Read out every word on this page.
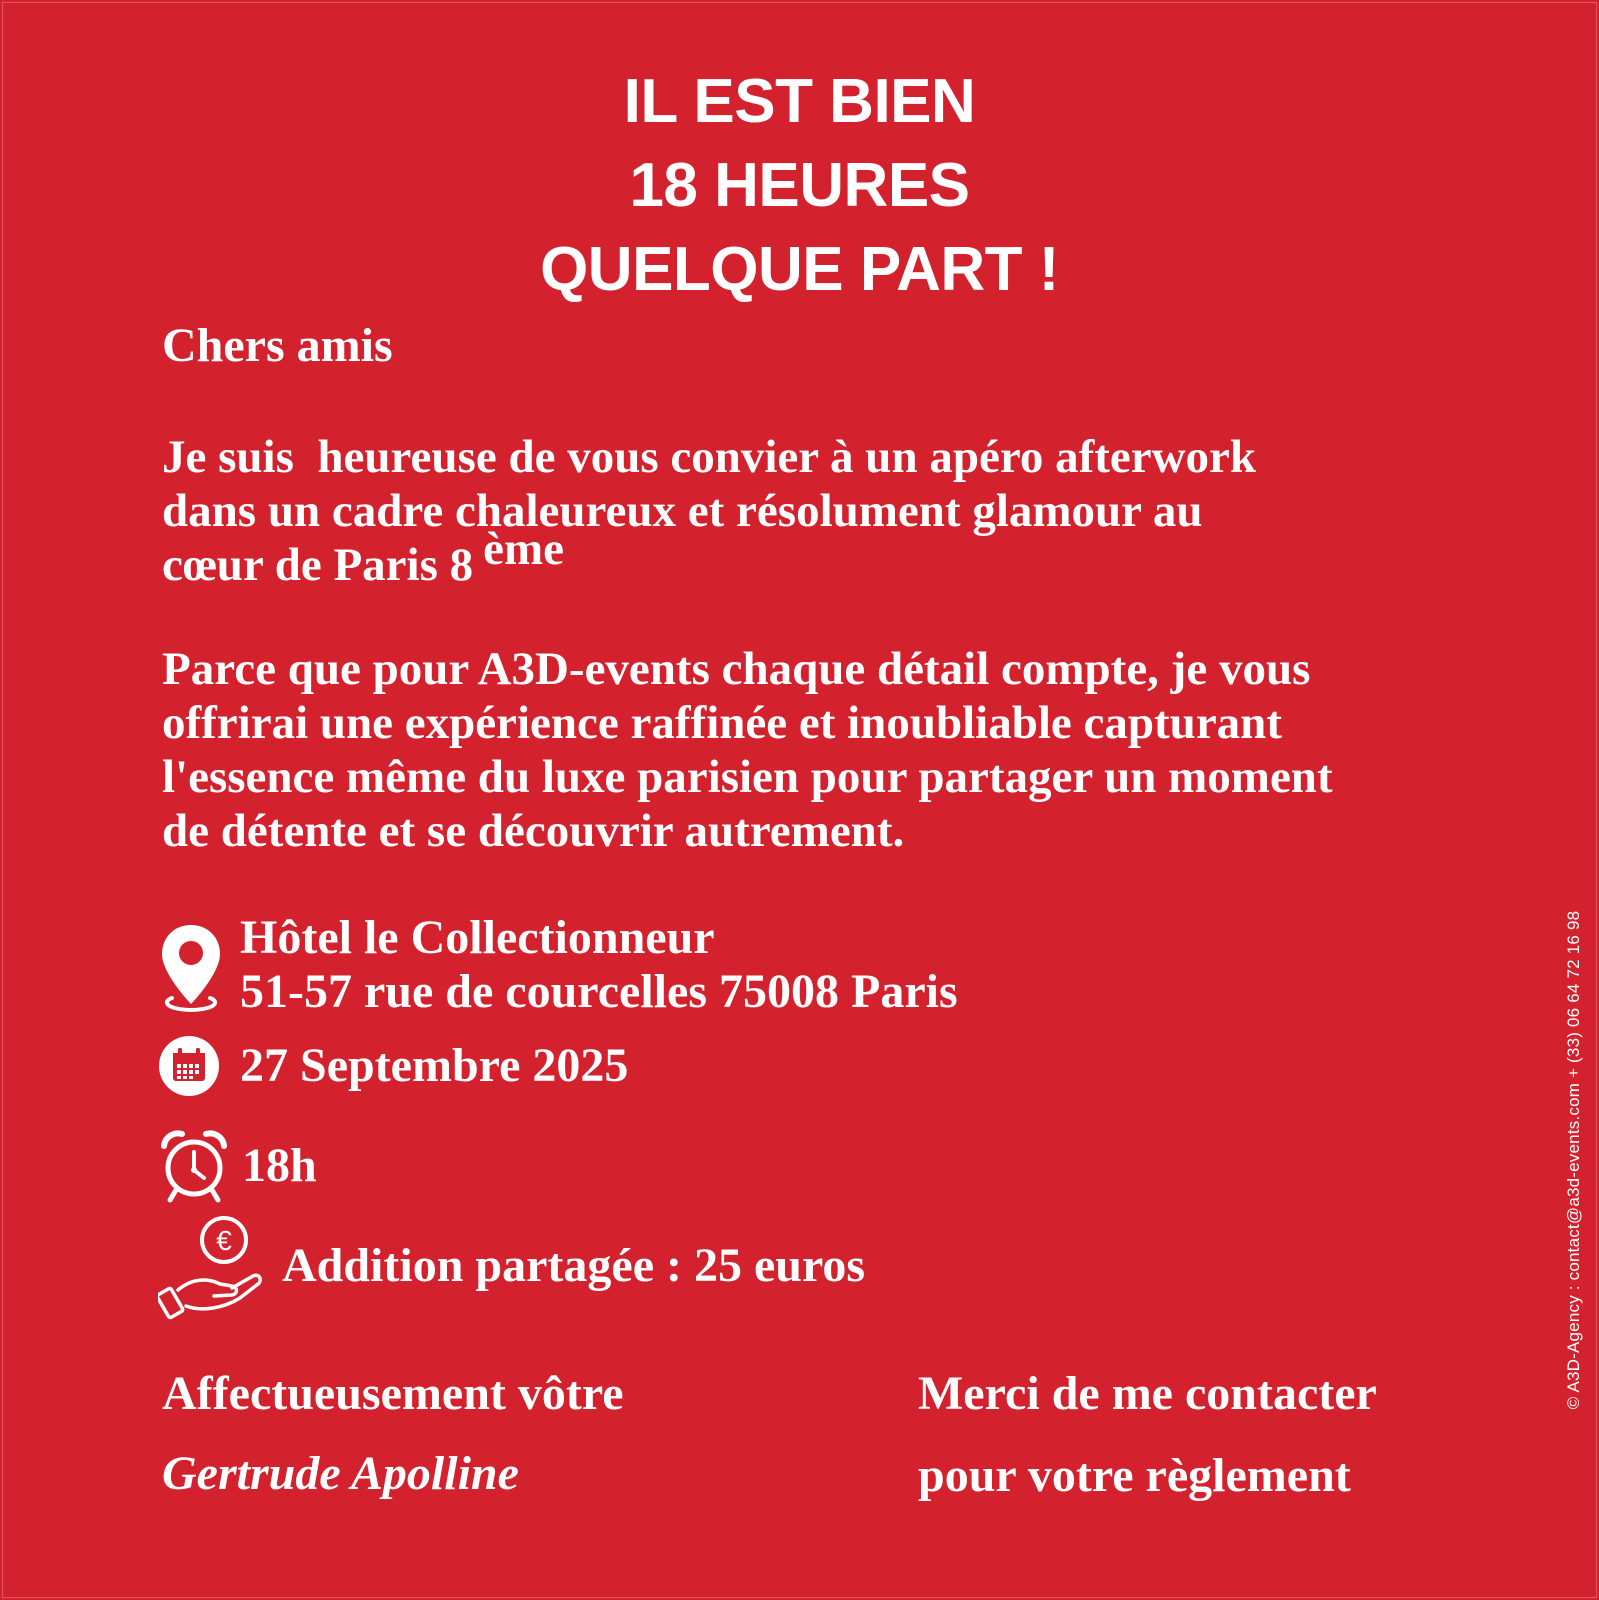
IL EST BIEN
18 HEURES
QUELQUE PART !
Chers amis
Je suis  heureuse de vous convier à un apéro afterwork
dans un cadre chaleureux et résolument glamour au
cœur de Paris 8 ème
Parce que pour A3D-events chaque détail compte, je vous
offrirai une expérience raffinée et inoubliable capturant
l'essence même du luxe parisien pour partager un moment
de détente et se découvrir autrement.
Hôtel le Collectionneur
51-57 rue de courcelles 75008 Paris
27 Septembre 2025
18h
€ Addition partagée : 25 euros
Affectueusement vôtre
Gertrude Apolline
Merci de me contacter
pour votre règlement
© A3D-Agency : contact@a3d-events.com + (33) 06 64 72 16 98
